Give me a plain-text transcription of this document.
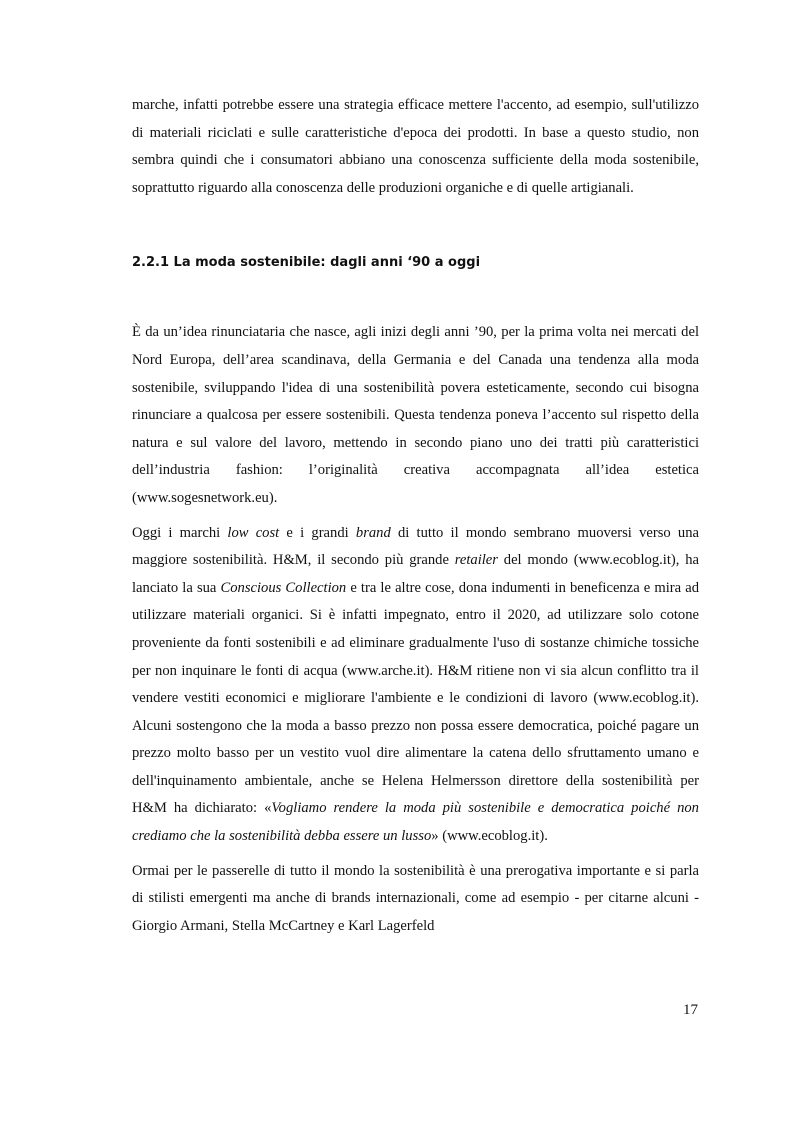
marche, infatti potrebbe essere una strategia efficace mettere l'accento, ad esempio, sull'utilizzo di materiali riciclati e sulle caratteristiche d'epoca dei prodotti. In base a questo studio, non sembra quindi che i consumatori abbiano una conoscenza sufficiente della moda sostenibile, soprattutto riguardo alla conoscenza delle produzioni organiche e di quelle artigianali.

2.2.1 La moda sostenibile: dagli anni ‘90 a oggi

È da un’idea rinunciataria che nasce, agli inizi degli anni ’90, per la prima volta nei mercati del Nord Europa, dell’area scandinava, della Germania e del Canada una tendenza alla moda sostenibile, sviluppando l'idea di una sostenibilità povera esteticamente, secondo cui bisogna rinunciare a qualcosa per essere sostenibili. Questa tendenza poneva l’accento sul rispetto della natura e sul valore del lavoro, mettendo in secondo piano uno dei tratti più caratteristici dell’industria fashion: l’originalità creativa accompagnata all’idea estetica (www.sogesnetwork.eu).

Oggi i marchi low cost e i grandi brand di tutto il mondo sembrano muoversi verso una maggiore sostenibilità. H&M, il secondo più grande retailer del mondo (www.ecoblog.it), ha lanciato la sua Conscious Collection e tra le altre cose, dona indumenti in beneficenza e mira ad utilizzare materiali organici. Si è infatti impegnato, entro il 2020, ad utilizzare solo cotone proveniente da fonti sostenibili e ad eliminare gradualmente l'uso di sostanze chimiche tossiche per non inquinare le fonti di acqua (www.arche.it). H&M ritiene non vi sia alcun conflitto tra il vendere vestiti economici e migliorare l'ambiente e le condizioni di lavoro (www.ecoblog.it). Alcuni sostengono che la moda a basso prezzo non possa essere democratica, poiché pagare un prezzo molto basso per un vestito vuol dire alimentare la catena dello sfruttamento umano e dell'inquinamento ambientale, anche se Helena Helmersson direttore della sostenibilità per H&M ha dichiarato: «Vogliamo rendere la moda più sostenibile e democratica poiché non crediamo che la sostenibilità debba essere un lusso» (www.ecoblog.it).

Ormai per le passerelle di tutto il mondo la sostenibilità è una prerogativa importante e si parla di stilisti emergenti ma anche di brands internazionali, come ad esempio - per citarne alcuni - Giorgio Armani, Stella McCartney e Karl Lagerfeld

17
